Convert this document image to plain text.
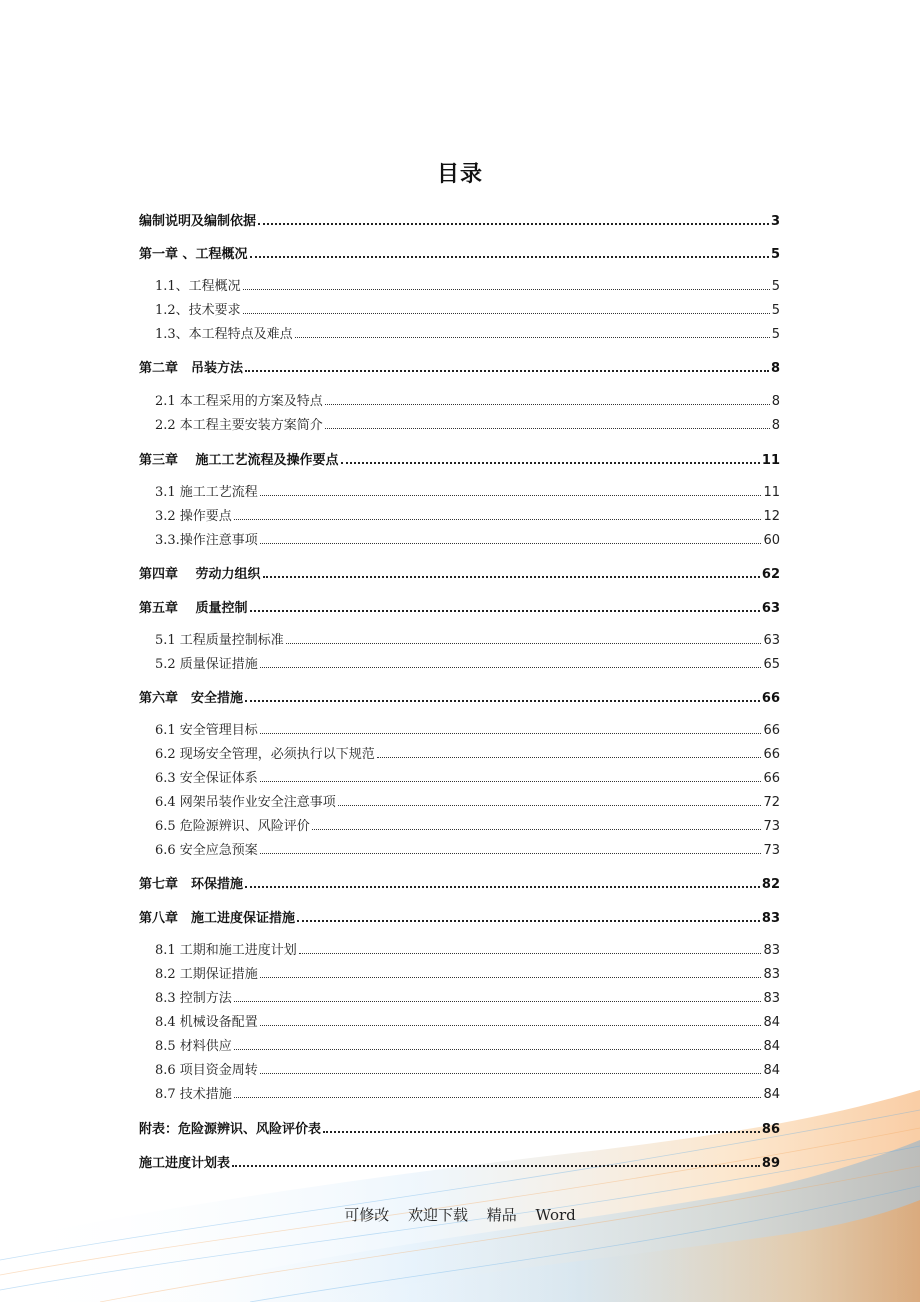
目录
编制说明及编制依据	3
第一章 、工程概况	5
1.1、工程概况	5
1.2、技术要求	5
1.3、本工程特点及难点	5
第二章　吊装方法	8
2.1 本工程采用的方案及特点	8
2.2 本工程主要安装方案简介	8
第三章　 施工工艺流程及操作要点	11
3.1 施工工艺流程	11
3.2 操作要点	12
3.3.操作注意事项	60
第四章　 劳动力组织	62
第五章　 质量控制	63
5.1 工程质量控制标准	63
5.2 质量保证措施	65
第六章　安全措施	66
6.1 安全管理目标	66
6.2 现场安全管理，必须执行以下规范	66
6.3 安全保证体系	66
6.4 网架吊装作业安全注意事项	72
6.5 危险源辨识、风险评价	73
6.6 安全应急预案	73
第七章　环保措施	82
第八章　施工进度保证措施	83
8.1 工期和施工进度计划	83
8.2 工期保证措施	83
8.3 控制方法	83
8.4 机械设备配置	84
8.5 材料供应	84
8.6 项目资金周转	84
8.7 技术措施	84
附表：危险源辨识、风险评价表	86
施工进度计划表	89
可修改 欢迎下载 精品 Word
